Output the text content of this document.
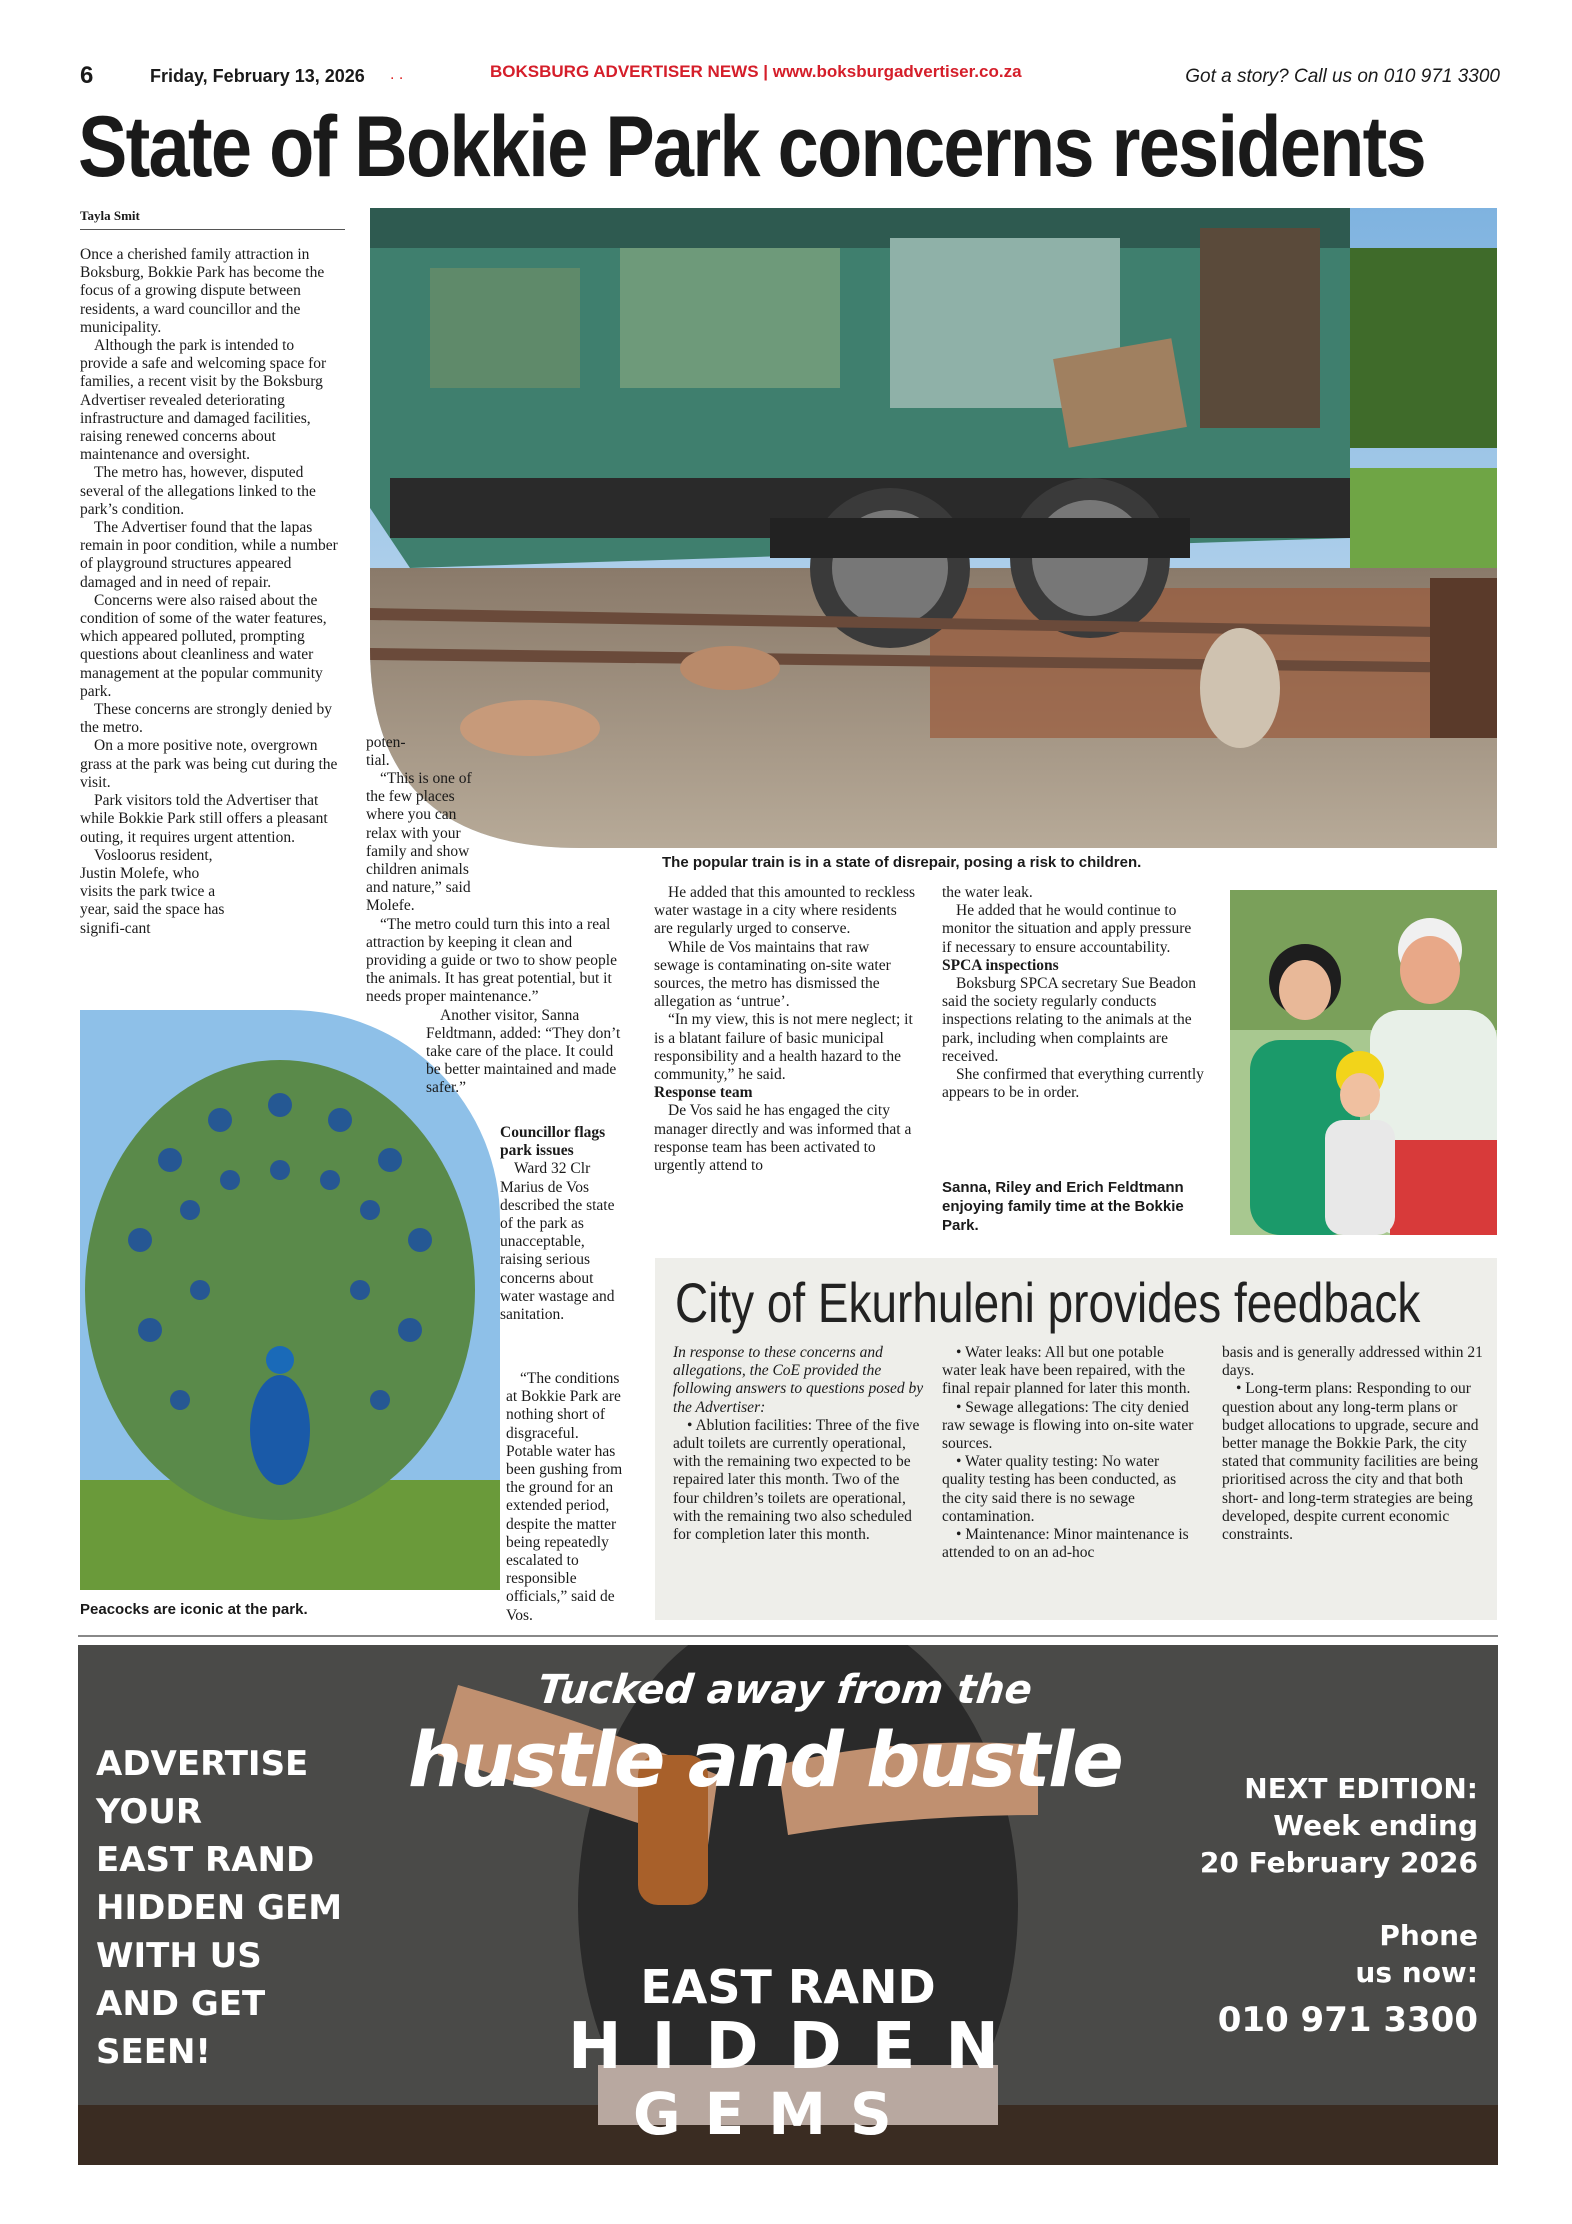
6	Friday, February 13, 2026 . .	BOKSBURG ADVERTISER NEWS | www.boksburgadvertiser.co.za	Got a story? Call us on 010 971 3300
State of Bokkie Park concerns residents
Tayla Smit
The popular train is in a state of disrepair, posing a risk to children.

Once a cherished family attraction in Boksburg, Bokkie Park has become the focus of a growing dispute between residents, a ward councillor and the municipality.

Although the park is intended to provide a safe and welcoming space for families, a recent visit by the Boksburg Advertiser revealed deteriorating infrastructure and damaged facilities, raising renewed concerns about maintenance and oversight.

The metro has, however, disputed several of the allegations linked to the park’s condition.

The Advertiser found that the lapas remain in poor condition, while a number of playground structures appeared damaged and in need of repair.

Concerns were also raised about the condition of some of the water features, which appeared polluted, prompting questions about cleanliness and water management at the popular community park.

These concerns are strongly denied by the metro.

On a more positive note, overgrown grass at the park was being cut during the visit.

Park visitors told the Advertiser that while Bokkie Park still offers a pleasant outing, it requires urgent attention.

Vosloorus resident, Justin Molefe, who visits the park twice a year, said the space has signifi-cant

Peacocks are iconic at the park.

poten-tial.

“This is one of the few places where you can relax with your family and show children animals and nature,” said Molefe.

“The metro could turn this into a real attraction by keeping it clean and providing a guide or two to show people the animals. It has great potential, but it needs proper maintenance.”

Another visitor, Sanna Feldtmann, added: “They don’t take care of the place. It could be better maintained and made safer.”

Councillor flags park issues

Ward 32 Clr Marius de Vos described the state of the park as unacceptable, raising serious concerns about water wastage and sanitation.

“The conditions at Bokkie Park are nothing short of disgraceful. Potable water has been gushing from the ground for an extended period, despite the matter being repeatedly escalated to responsible officials,” said de Vos.

He added that this amounted to reckless water wastage in a city where residents are regularly urged to conserve.

While de Vos maintains that raw sewage is contaminating on-site water sources, the metro has dismissed the allegation as ‘untrue’.

“In my view, this is not mere neglect; it is a blatant failure of basic municipal responsibility and a health hazard to the community,” he said.

Response team

De Vos said he has engaged the city manager directly and was informed that a response team has been activated to urgently attend to

the water leak.

He added that he would continue to monitor the situation and apply pressure if necessary to ensure accountability.

SPCA inspections

Boksburg SPCA secretary Sue Beadon said the society regularly conducts inspections relating to the animals at the park, including when complaints are received.

She confirmed that everything currently appears to be in order.

Sanna, Riley and Erich Feldtmann enjoying family time at the Bokkie Park.
City of Ekurhuleni provides feedback

In response to these concerns and allegations, the CoE provided the following answers to questions posed by the Advertiser:

• Ablution facilities: Three of the five adult toilets are currently operational, with the remaining two expected to be repaired later this month. Two of the four children’s toilets are operational, with the remaining two also scheduled for completion later this month.

• Water leaks: All but one potable water leak have been repaired, with the final repair planned for later this month.

• Sewage allegations: The city denied raw sewage is flowing into on-site water sources.

• Water quality testing: No water quality testing has been conducted, as the city said there is no sewage contamination.

• Maintenance: Minor maintenance is attended to on an ad-hoc

basis and is generally addressed within 21 days.

• Long-term plans: Responding to our question about any long-term plans or budget allocations to upgrade, secure and better manage the Bokkie Park, the city stated that community facilities are being prioritised across the city and that both short- and long-term strategies are being developed, despite current economic constraints.

Tucked away from the
hustle and bustle
ADVERTISE
YOUR
EAST RAND
HIDDEN GEM
WITH US
AND GET
SEEN!
NEXT EDITION:
Week ending
20 February 2026
Phone
us now:
010 971 3300
EAST RAND
HIDDEN
GEMS
